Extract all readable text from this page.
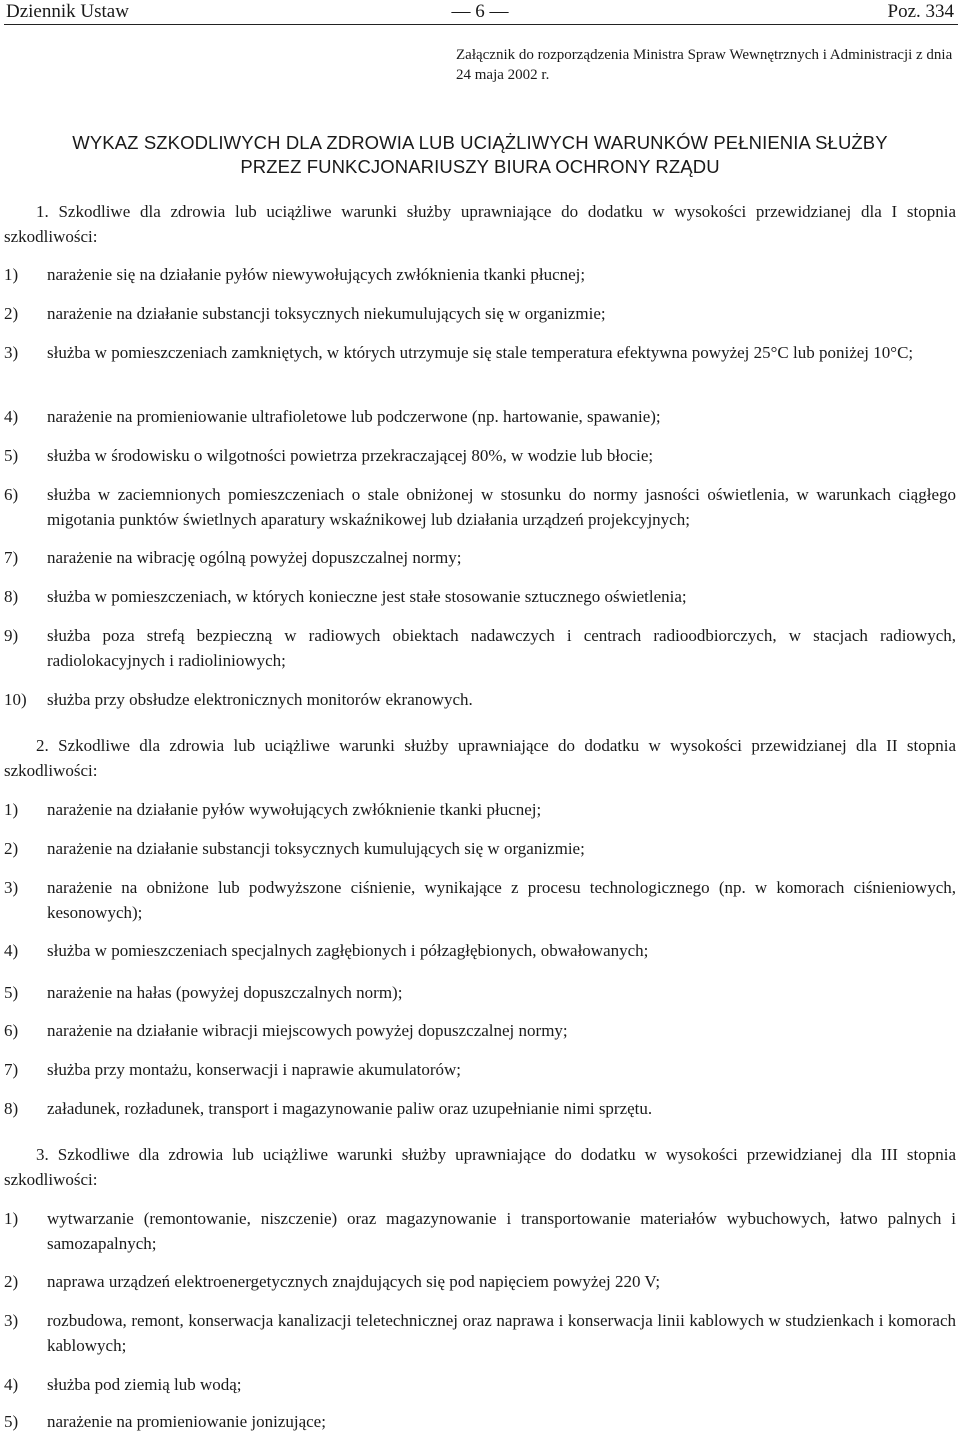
Dziennik Ustaw	— 6 —	Poz. 334
Załącznik do rozporządzenia Ministra Spraw Wewnętrznych i Administracji z dnia 24 maja 2002 r.
WYKAZ SZKODLIWYCH DLA ZDROWIA LUB UCIĄŻLIWYCH WARUNKÓW PEŁNIENIA SŁUŻBY
PRZEZ FUNKCJONARIUSZY BIURA OCHRONY RZĄDU
1. Szkodliwe dla zdrowia lub uciążliwe warunki służby uprawniające do dodatku w wysokości przewidzianej dla I stopnia szkodliwości:
1) narażenie się na działanie pyłów niewywołujących zwłóknienia tkanki płucnej;
2) narażenie na działanie substancji toksycznych niekumulujących się w organizmie;
3) służba w pomieszczeniach zamkniętych, w których utrzymuje się stale temperatura efektywna powyżej 25°C lub poniżej 10°C;
4) narażenie na promieniowanie ultrafioletowe lub podczerwone (np. hartowanie, spawanie);
5) służba w środowisku o wilgotności powietrza przekraczającej 80%, w wodzie lub błocie;
6) służba w zaciemnionych pomieszczeniach o stale obniżonej w stosunku do normy jasności oświetlenia, w warunkach ciągłego migotania punktów świetlnych aparatury wskaźnikowej lub działania urządzeń projekcyjnych;
7) narażenie na wibrację ogólną powyżej dopuszczalnej normy;
8) służba w pomieszczeniach, w których konieczne jest stałe stosowanie sztucznego oświetlenia;
9) służba poza strefą bezpieczną w radiowych obiektach nadawczych i centrach radioodbiorczych, w stacjach radiowych, radiolokacyjnych i radioliniowych;
10) służba przy obsłudze elektronicznych monitorów ekranowych.
2. Szkodliwe dla zdrowia lub uciążliwe warunki służby uprawniające do dodatku w wysokości przewidzianej dla II stopnia szkodliwości:
1) narażenie na działanie pyłów wywołujących zwłóknienie tkanki płucnej;
2) narażenie na działanie substancji toksycznych kumulujących się w organizmie;
3) narażenie na obniżone lub podwyższone ciśnienie, wynikające z procesu technologicznego (np. w komorach ciśnieniowych, kesonowych);
4) służba w pomieszczeniach specjalnych zagłębionych i półzagłębionych, obwałowanych;
5) narażenie na hałas (powyżej dopuszczalnych norm);
6) narażenie na działanie wibracji miejscowych powyżej dopuszczalnej normy;
7) służba przy montażu, konserwacji i naprawie akumulatorów;
8) załadunek, rozładunek, transport i magazynowanie paliw oraz uzupełnianie nimi sprzętu.
3. Szkodliwe dla zdrowia lub uciążliwe warunki służby uprawniające do dodatku w wysokości przewidzianej dla III stopnia szkodliwości:
1) wytwarzanie (remontowanie, niszczenie) oraz magazynowanie i transportowanie materiałów wybuchowych, łatwo palnych i samozapalnych;
2) naprawa urządzeń elektroenergetycznych znajdujących się pod napięciem powyżej 220 V;
3) rozbudowa, remont, konserwacja kanalizacji teletechnicznej oraz naprawa i konserwacja linii kablowych w studzienkach i komorach kablowych;
4) służba pod ziemią lub wodą;
5) narażenie na promieniowanie jonizujące;
